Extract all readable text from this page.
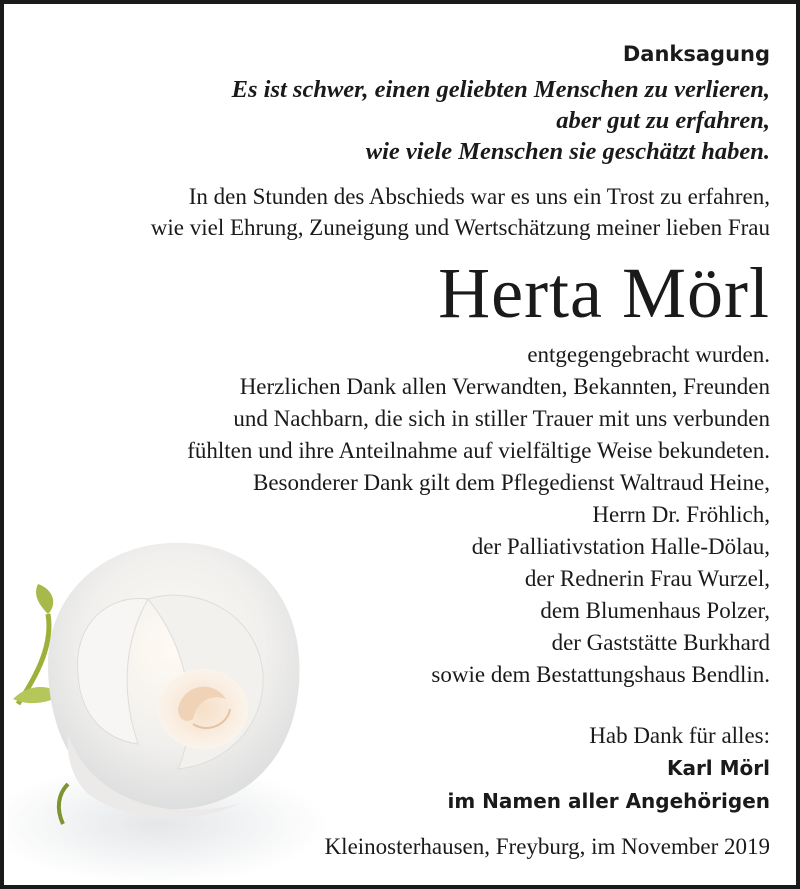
Danksagung
Es ist schwer, einen geliebten Menschen zu verlieren,
aber gut zu erfahren,
wie viele Menschen sie geschätzt haben.
In den Stunden des Abschieds war es uns ein Trost zu erfahren,
wie viel Ehrung, Zuneigung und Wertschätzung meiner lieben Frau
Herta Mörl
entgegengebracht wurden.
Herzlichen Dank allen Verwandten, Bekannten, Freunden
und Nachbarn, die sich in stiller Trauer mit uns verbunden
fühlten und ihre Anteilnahme auf vielfältige Weise bekundeten.
Besonderer Dank gilt dem Pflegedienst Waltraud Heine,
Herrn Dr. Fröhlich,
der Palliativstation Halle-Dölau,
der Rednerin Frau Wurzel,
dem Blumenhaus Polzer,
der Gaststätte Burkhard
sowie dem Bestattungshaus Bendlin.
Hab Dank für alles:
Karl Mörl
im Namen aller Angehörigen
Kleinosterhausen, Freyburg, im November 2019
